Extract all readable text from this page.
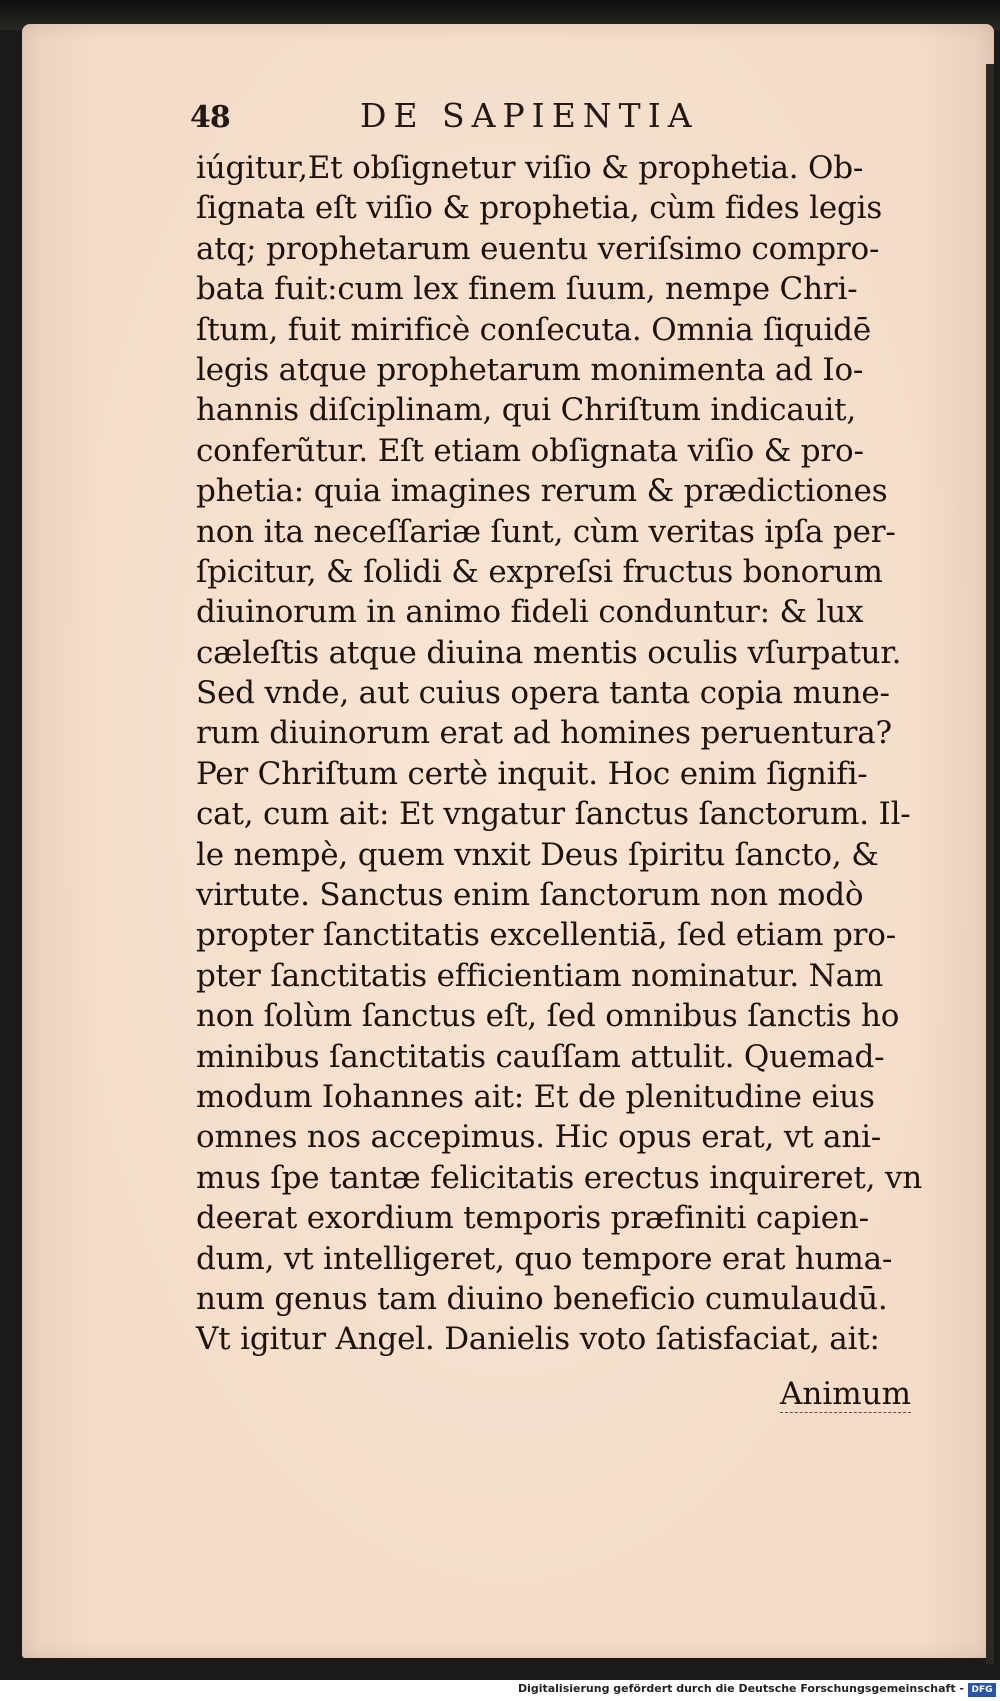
48	DE SAPIENTIA
iúgitur,Et obſignetur viſio & prophetia. Ob-
ſignata eſt viſio & prophetia, cùm fides legis
atq; prophetarum euentu veriſsimo compro-
bata fuit:cum lex finem ſuum, nempe Chri-
ſtum, fuit mirificè conſecuta. Omnia ſiquidē
legis atque prophetarum monimenta ad Io-
hannis diſciplinam, qui Chriſtum indicauit,
conferũtur. Eſt etiam obſignata viſio & pro-
phetia: quia imagines rerum & prædictiones
non ita neceſſariæ ſunt, cùm veritas ipſa per-
ſpicitur, & ſolidi & expreſsi fructus bonorum
diuinorum in animo fideli conduntur: & lux
cæleſtis atque diuina mentis oculis vſurpatur.
Sed vnde, aut cuius opera tanta copia mune-
rum diuinorum erat ad homines peruentura?
Per Chriſtum certè inquit. Hoc enim ſignifi-
cat, cum ait: Et vngatur ſanctus ſanctorum. Il-
le nempè, quem vnxit Deus ſpiritu ſancto, &
virtute. Sanctus enim ſanctorum non modò
propter ſanctitatis excellentiā, ſed etiam pro-
pter ſanctitatis efficientiam nominatur. Nam
non ſolùm ſanctus eſt, ſed omnibus ſanctis ho
minibus ſanctitatis cauſſam attulit. Quemad-
modum Iohannes ait: Et de plenitudine eius
omnes nos accepimus. Hic opus erat, vt ani-
mus ſpe tantæ felicitatis erectus inquireret, vn
deerat exordium temporis præfiniti capien-
dum, vt intelligeret, quo tempore erat huma-
num genus tam diuino beneficio cumulaudū.
Vt igitur Angel. Danielis voto ſatisfaciat, ait:
Animum
Digitalisierung gefördert durch die Deutsche Forschungsgemeinschaft - DFG
